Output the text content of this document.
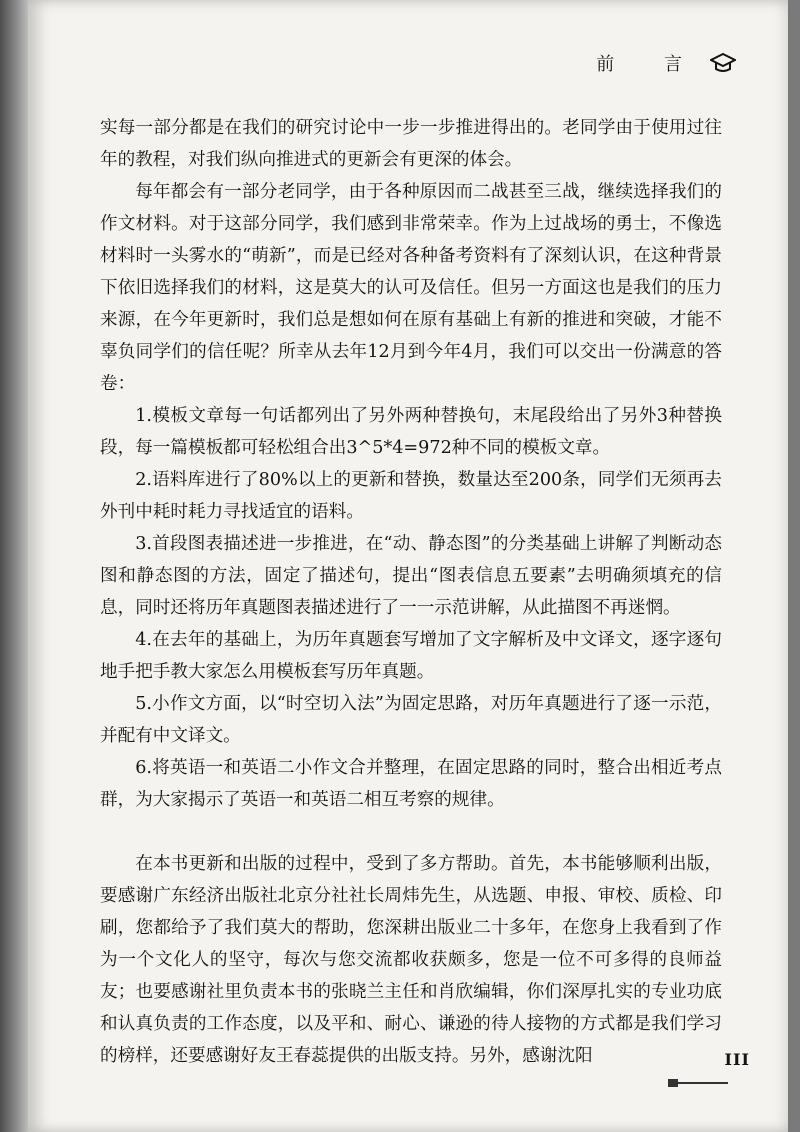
前 言

实每一部分都是在我们的研究讨论中一步一步推进得出的。老同学由于使用过往年的教程，对我们纵向推进式的更新会有更深的体会。

每年都会有一部分老同学，由于各种原因而二战甚至三战，继续选择我们的作文材料。对于这部分同学，我们感到非常荣幸。作为上过战场的勇士，不像选材料时一头雾水的“萌新”，而是已经对各种备考资料有了深刻认识，在这种背景下依旧选择我们的材料，这是莫大的认可及信任。但另一方面这也是我们的压力来源，在今年更新时，我们总是想如何在原有基础上有新的推进和突破，才能不辜负同学们的信任呢？所幸从去年12月到今年4月，我们可以交出一份满意的答卷：

1.模板文章每一句话都列出了另外两种替换句，末尾段给出了另外3种替换段，每一篇模板都可轻松组合出3^5*4=972种不同的模板文章。

2.语料库进行了80%以上的更新和替换，数量达至200条，同学们无须再去外刊中耗时耗力寻找适宜的语料。

3.首段图表描述进一步推进，在“动、静态图”的分类基础上讲解了判断动态图和静态图的方法，固定了描述句，提出“图表信息五要素”去明确须填充的信息，同时还将历年真题图表描述进行了一一示范讲解，从此描图不再迷惘。

4.在去年的基础上，为历年真题套写增加了文字解析及中文译文，逐字逐句地手把手教大家怎么用模板套写历年真题。

5.小作文方面，以“时空切入法”为固定思路，对历年真题进行了逐一示范，并配有中文译文。

6.将英语一和英语二小作文合并整理，在固定思路的同时，整合出相近考点群，为大家揭示了英语一和英语二相互考察的规律。

在本书更新和出版的过程中，受到了多方帮助。首先，本书能够顺利出版，要感谢广东经济出版社北京分社社长周炜先生，从选题、申报、审校、质检、印刷，您都给予了我们莫大的帮助，您深耕出版业二十多年，在您身上我看到了作为一个文化人的坚守，每次与您交流都收获颇多，您是一位不可多得的良师益友；也要感谢社里负责本书的张晓兰主任和肖欣编辑，你们深厚扎实的专业功底和认真负责的工作态度，以及平和、耐心、谦逊的待人接物的方式都是我们学习的榜样，还要感谢好友王春蕊提供的出版支持。另外，感谢沈阳	III
